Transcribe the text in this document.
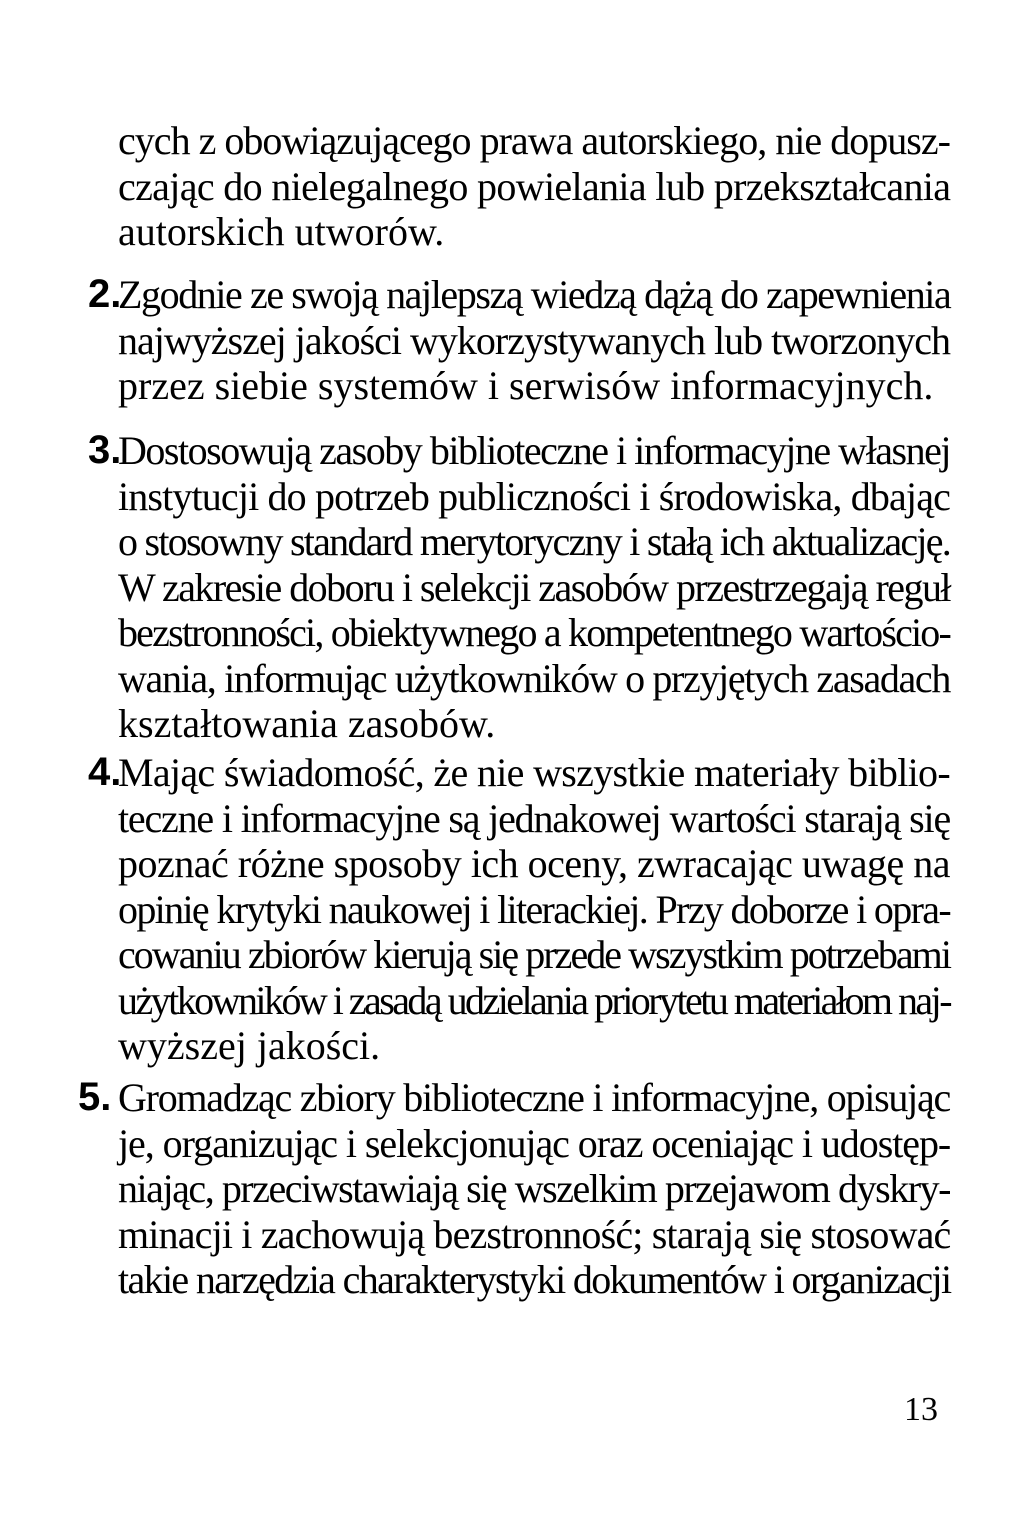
cych z obowiązującego prawa autorskiego, nie dopusz-
czając do nielegalnego powielania lub przekształcania
autorskich utworów.
2.
Zgodnie ze swoją najlepszą wiedzą dążą do zapewnienia
najwyższej jakości wykorzystywanych lub tworzonych
przez siebie systemów i serwisów informacyjnych.
3.
Dostosowują zasoby biblioteczne i informacyjne własnej
instytucji do potrzeb publiczności i środowiska, dbając
o stosowny standard merytoryczny i stałą ich aktualizację.
W zakresie doboru i selekcji zasobów przestrzegają reguł
bezstronności, obiektywnego a kompetentnego wartościo-
wania, informując użytkowników o przyjętych zasadach
kształtowania zasobów.
4.
Mając świadomość, że nie wszystkie materiały biblio-
teczne i informacyjne są jednakowej wartości starają się
poznać różne sposoby ich oceny, zwracając uwagę na
opinię krytyki naukowej i literackiej. Przy doborze i opra-
cowaniu zbiorów kierują się przede wszystkim potrzebami
użytkowników i zasadą udzielania priorytetu materiałom naj-
wyższej jakości.
5. Gromadząc zbiory biblioteczne i informacyjne, opisując
je, organizując i selekcjonując oraz oceniając i udostęp-
niając, przeciwstawiają się wszelkim przejawom dyskry-
minacji i zachowują bezstronność; starają się stosować
takie narzędzia charakterystyki dokumentów i organizacji
13
